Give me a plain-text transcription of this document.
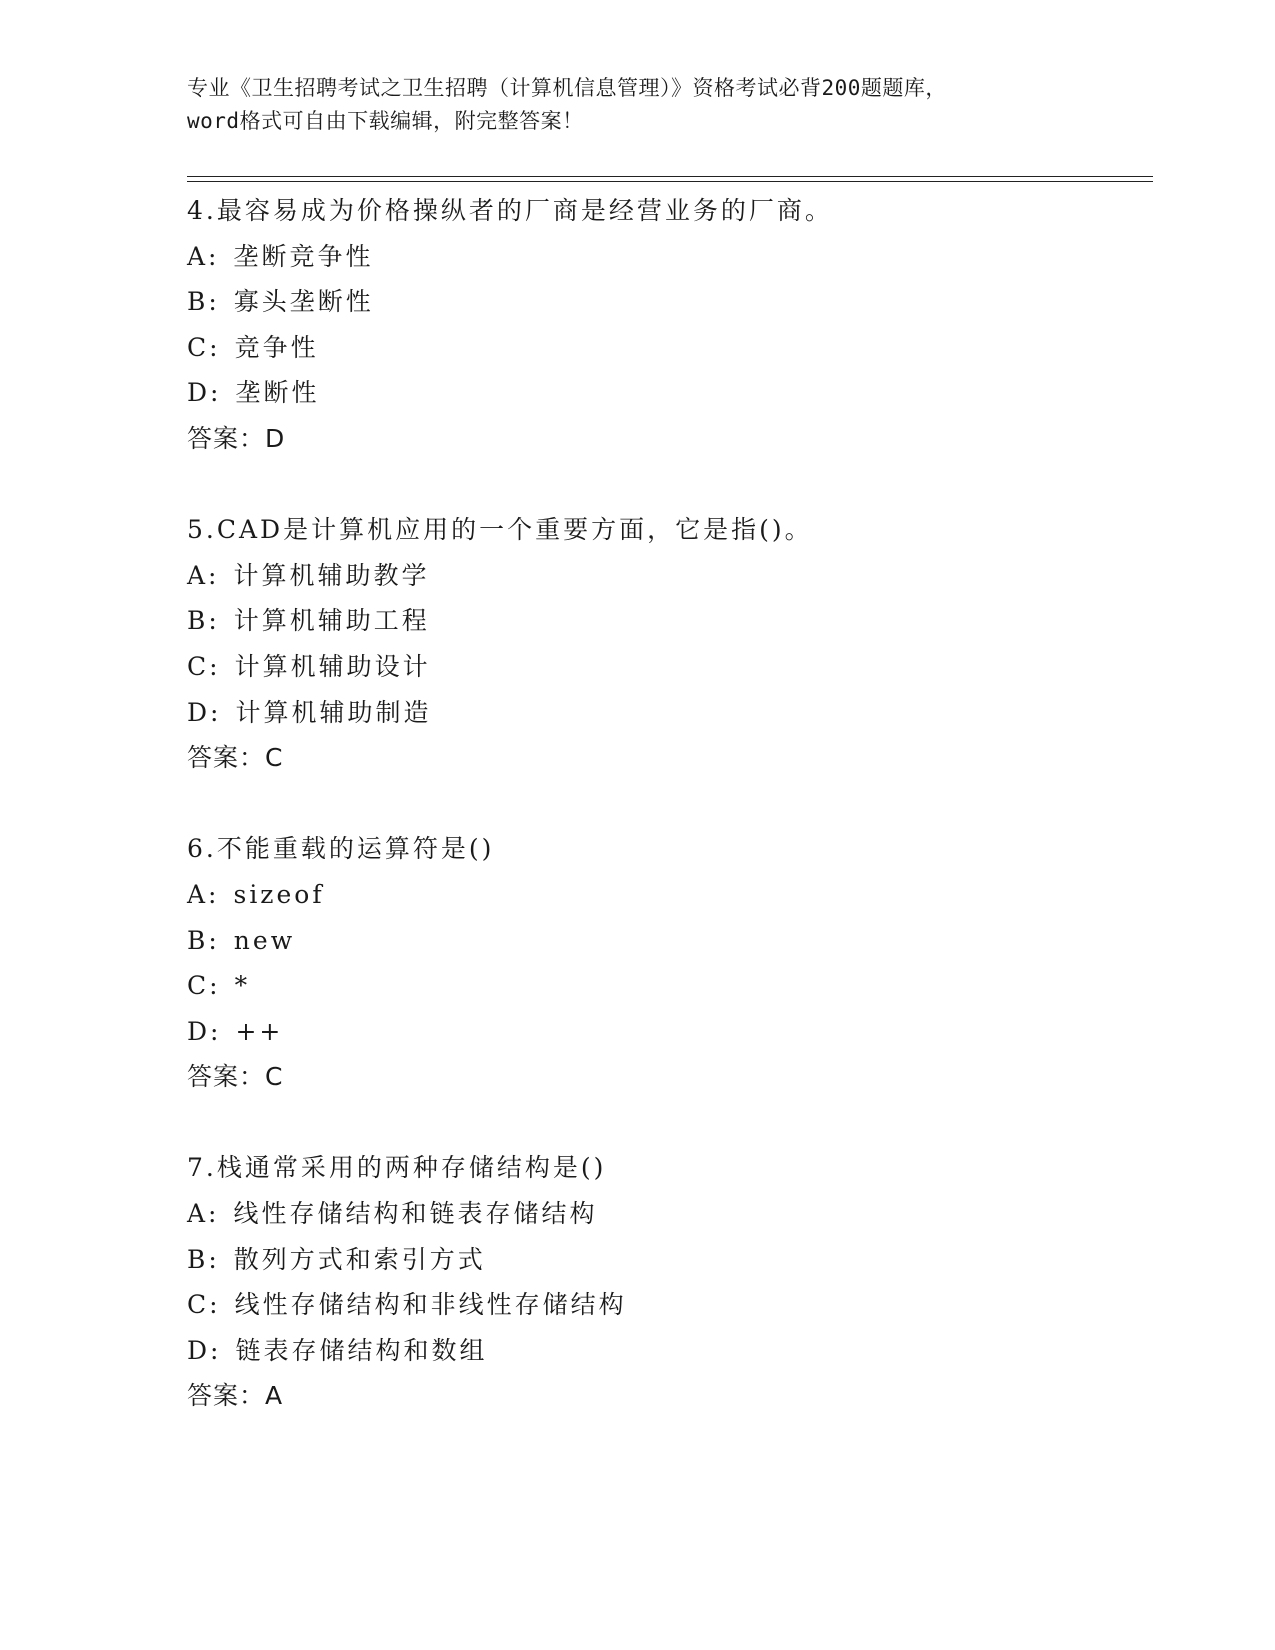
专业《卫生招聘考试之卫生招聘（计算机信息管理）》资格考试必背200题题库，
word格式可自由下载编辑，附完整答案！
4.最容易成为价格操纵者的厂商是经营业务的厂商。
A: 垄断竞争性
B: 寡头垄断性
C: 竞争性
D: 垄断性
答案：D
5.CAD是计算机应用的一个重要方面，它是指()。
A: 计算机辅助教学
B: 计算机辅助工程
C: 计算机辅助设计
D: 计算机辅助制造
答案：C
6.不能重载的运算符是()
A: sizeof
B: new
C: *
D: ++
答案：C
7.栈通常采用的两种存储结构是()
A: 线性存储结构和链表存储结构
B: 散列方式和索引方式
C: 线性存储结构和非线性存储结构
D: 链表存储结构和数组
答案：A
